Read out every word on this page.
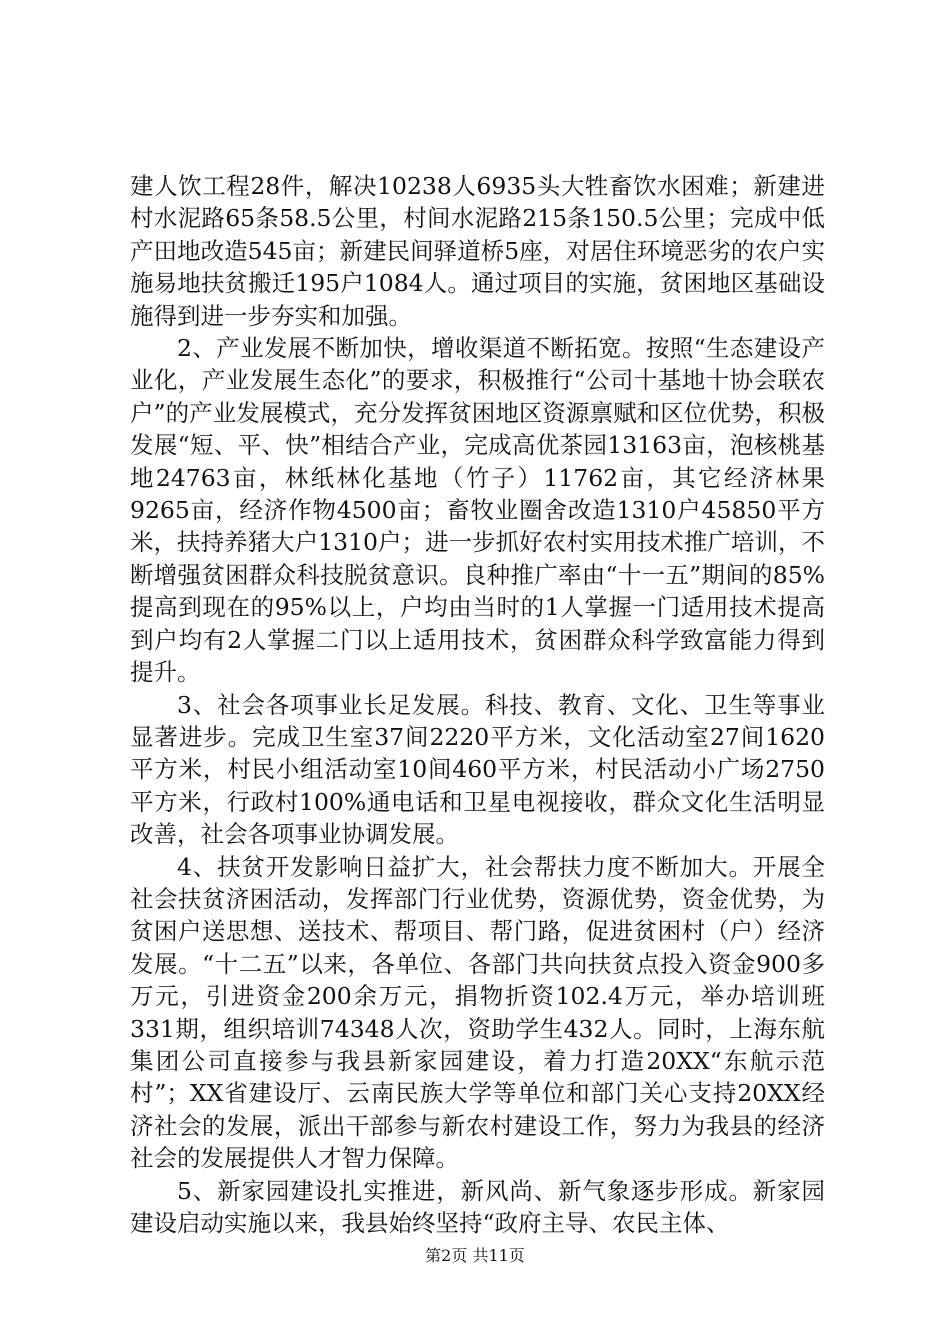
建人饮工程28件，解决10238人6935头大牲畜饮水困难；新建进村水泥路65条58.5公里，村间水泥路215条150.5公里；完成中低产田地改造545亩；新建民间驿道桥5座，对居住环境恶劣的农户实施易地扶贫搬迁195户1084人。通过项目的实施，贫困地区基础设施得到进一步夯实和加强。

2、产业发展不断加快，增收渠道不断拓宽。按照“生态建设产业化，产业发展生态化”的要求，积极推行“公司十基地十协会联农户”的产业发展模式，充分发挥贫困地区资源禀赋和区位优势，积极发展“短、平、快”相结合产业，完成高优茶园13163亩，泡核桃基地24763亩，林纸林化基地（竹子）11762亩，其它经济林果9265亩，经济作物4500亩；畜牧业圈舍改造1310户45850平方米，扶持养猪大户1310户；进一步抓好农村实用技术推广培训，不断增强贫困群众科技脱贫意识。良种推广率由“十一五”期间的85%提高到现在的95%以上，户均由当时的1人掌握一门适用技术提高到户均有2人掌握二门以上适用技术，贫困群众科学致富能力得到提升。

3、社会各项事业长足发展。科技、教育、文化、卫生等事业显著进步。完成卫生室37间2220平方米，文化活动室27间1620平方米，村民小组活动室10间460平方米，村民活动小广场2750平方米，行政村100%通电话和卫星电视接收，群众文化生活明显改善，社会各项事业协调发展。

4、扶贫开发影响日益扩大，社会帮扶力度不断加大。开展全社会扶贫济困活动，发挥部门行业优势，资源优势，资金优势，为贫困户送思想、送技术、帮项目、帮门路，促进贫困村（户）经济发展。“十二五”以来，各单位、各部门共向扶贫点投入资金900多万元，引进资金200余万元，捐物折资102.4万元，举办培训班331期，组织培训74348人次，资助学生432人。同时，上海东航集团公司直接参与我县新家园建设，着力打造20XX“东航示范村”；XX省建设厅、云南民族大学等单位和部门关心支持20XX经济社会的发展，派出干部参与新农村建设工作，努力为我县的经济社会的发展提供人才智力保障。

5、新家园建设扎实推进，新风尚、新气象逐步形成。新家园建设启动实施以来，我县始终坚持“政府主导、农民主体、

第2页 共11页
